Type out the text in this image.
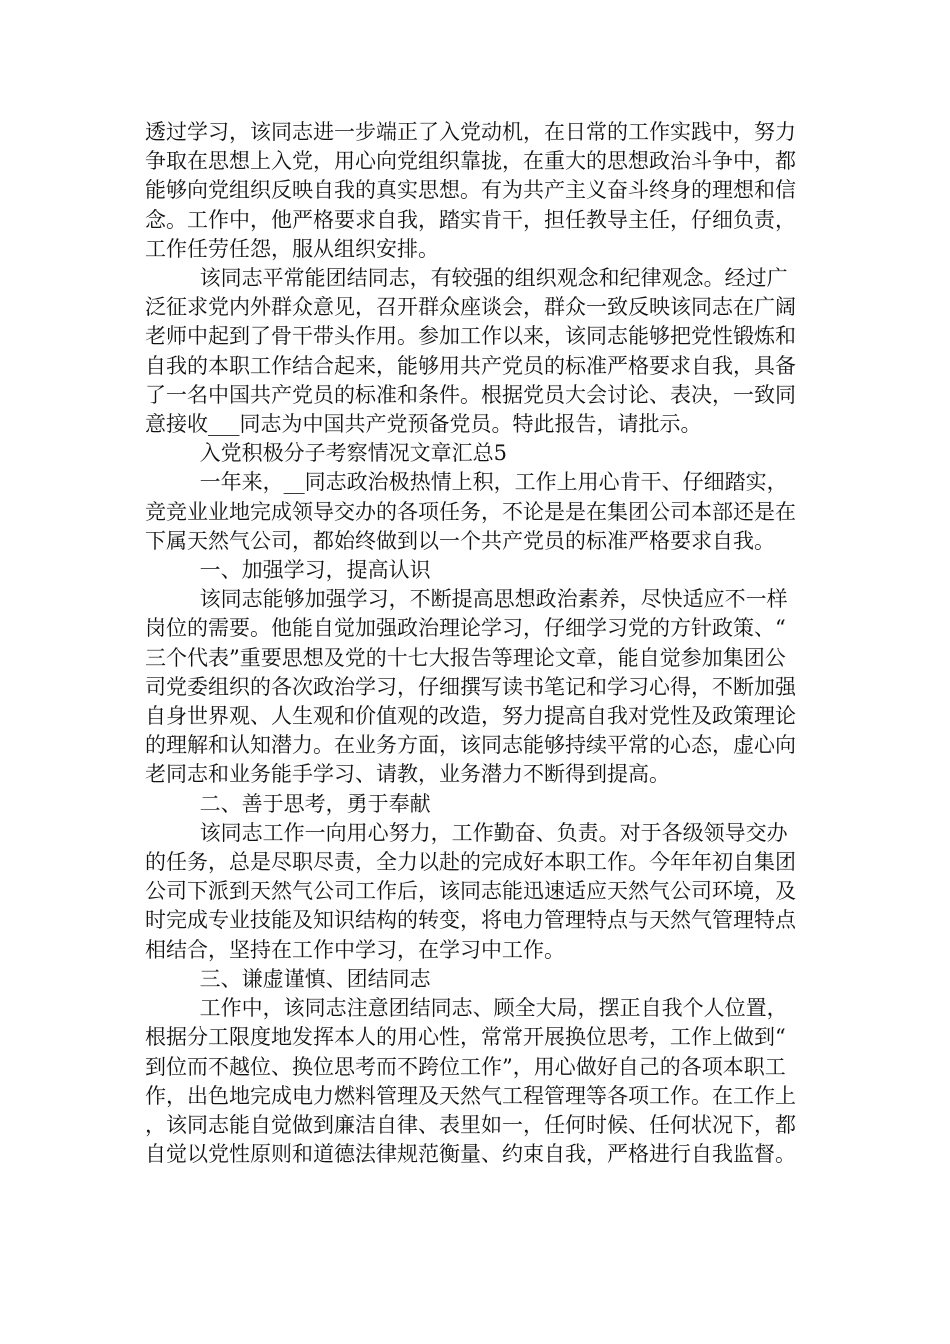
透过学习，该同志进一步端正了入党动机，在日常的工作实践中，努力争取在思想上入党，用心向党组织靠拢，在重大的思想政治斗争中，都能够向党组织反映自我的真实思想。有为共产主义奋斗终身的理想和信念。工作中，他严格要求自我，踏实肯干，担任教导主任，仔细负责，工作任劳任怨，服从组织安排。

该同志平常能团结同志，有较强的组织观念和纪律观念。经过广泛征求党内外群众意见，召开群众座谈会，群众一致反映该同志在广阔老师中起到了骨干带头作用。参加工作以来，该同志能够把党性锻炼和自我的本职工作结合起来，能够用共产党员的标准严格要求自我，具备了一名中国共产党员的标准和条件。根据党员大会讨论、表决，一致同意接收___同志为中国共产党预备党员。特此报告，请批示。

入党积极分子考察情况文章汇总5

一年来，__同志政治极热情上积，工作上用心肯干、仔细踏实，竞竞业业地完成领导交办的各项任务，不论是是在集团公司本部还是在下属天然气公司，都始终做到以一个共产党员的标准严格要求自我。

一、加强学习，提高认识

该同志能够加强学习，不断提高思想政治素养，尽快适应不一样岗位的需要。他能自觉加强政治理论学习，仔细学习党的方针政策、“三个代表”重要思想及党的十七大报告等理论文章，能自觉参加集团公司党委组织的各次政治学习，仔细撰写读书笔记和学习心得，不断加强自身世界观、人生观和价值观的改造，努力提高自我对党性及政策理论的理解和认知潜力。在业务方面，该同志能够持续平常的心态，虚心向老同志和业务能手学习、请教，业务潜力不断得到提高。

二、善于思考，勇于奉献

该同志工作一向用心努力，工作勤奋、负责。对于各级领导交办的任务，总是尽职尽责，全力以赴的完成好本职工作。今年年初自集团公司下派到天然气公司工作后，该同志能迅速适应天然气公司环境，及时完成专业技能及知识结构的转变，将电力管理特点与天然气管理特点相结合，坚持在工作中学习，在学习中工作。

三、谦虚谨慎、团结同志

工作中，该同志注意团结同志、顾全大局，摆正自我个人位置，根据分工限度地发挥本人的用心性，常常开展换位思考，工作上做到“到位而不越位、换位思考而不跨位工作”，用心做好自己的各项本职工作，出色地完成电力燃料管理及天然气工程管理等各项工作。在工作上，该同志能自觉做到廉洁自律、表里如一，任何时候、任何状况下，都自觉以党性原则和道德法律规范衡量、约束自我，严格进行自我监督。
